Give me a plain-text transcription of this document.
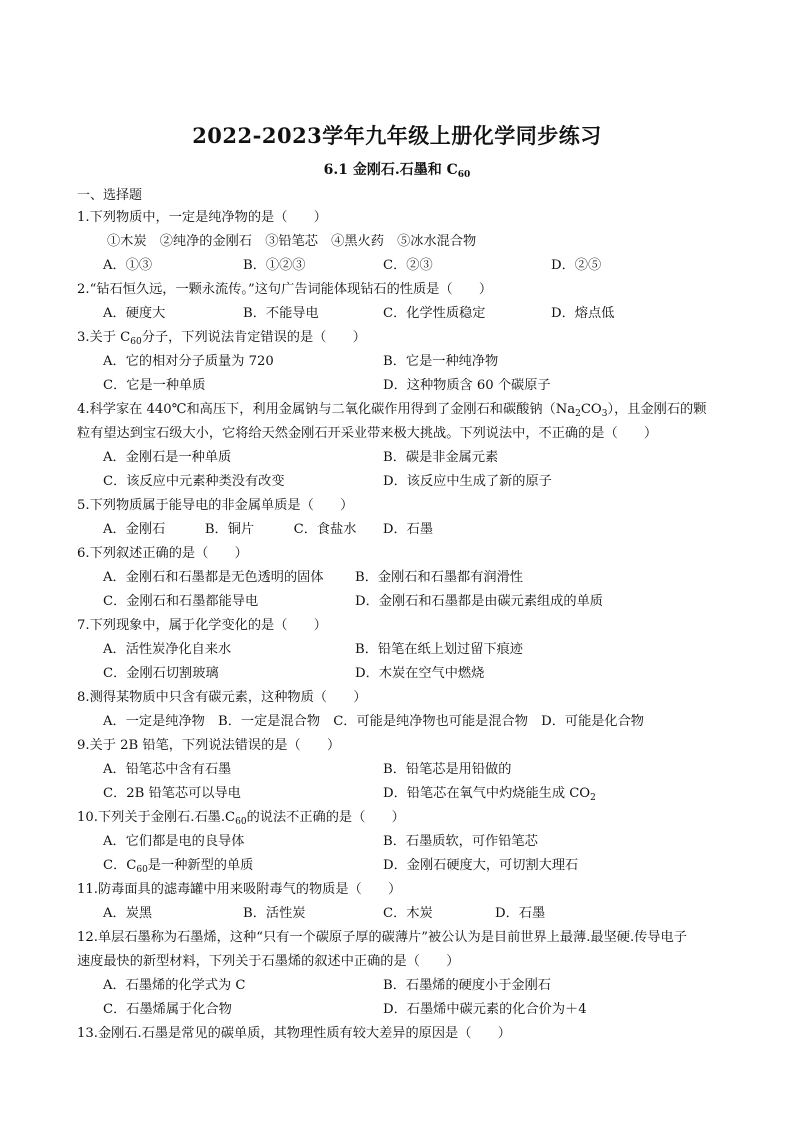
2022-2023学年九年级上册化学同步练习
6.1 金刚石.石墨和 $C_{60}$
一、选择题
1.下列物质中，一定是纯净物的是（　　）
①木炭　②纯净的金刚石　③铅笔芯　④黑火药　⑤冰水混合物
A．①③	B．①②③	C．②③	D．②⑤
2.“钻石恒久远，一颗永流传。”这句广告词能体现钻石的性质是（　　）
A．硬度大	B．不能导电	C．化学性质稳定	D．熔点低
3.关于 $C_{60}$分子，下列说法肯定错误的是（　　）
A．它的相对分子质量为 720	B．它是一种纯净物
C．它是一种单质	D．这种物质含 60 个碳原子
4.科学家在 440℃和高压下，利用金属钠与二氧化碳作用得到了金刚石和碳酸钠$(Na_2CO_3)$，且金刚石的颗
粒有望达到宝石级大小，它将给天然金刚石开采业带来极大挑战。下列说法中，不正确的是（　　）
A．金刚石是一种单质	B．碳是非金属元素
C．该反应中元素种类没有改变	D．该反应中生成了新的原子
5.下列物质属于能导电的非金属单质是（　　）
A．金刚石　　　B．铜片　　　C．食盐水　　D．石墨
6.下列叙述正确的是（　　）
A．金刚石和石墨都是无色透明的固体 B．金刚石和石墨都有润滑性
C．金刚石和石墨都能导电	D．金刚石和石墨都是由碳元素组成的单质
7.下列现象中，属于化学变化的是（　　）
A．活性炭净化自来水	B．铅笔在纸上划过留下痕迹
C．金刚石切割玻璃	D．木炭在空气中燃烧
8.测得某物质中只含有碳元素，这种物质（　　）
A．一定是纯净物　B．一定是混合物　C．可能是纯净物也可能是混合物　D．可能是化合物
9.关于 2B 铅笔，下列说法错误的是（　　）
A．铅笔芯中含有石墨	B．铅笔芯是用铅做的
C．2B 铅笔芯可以导电	D．铅笔芯在氧气中灼烧能生成 $CO_2$
10.下列关于金刚石.石墨$.C_{60}$的说法不正确的是（　　）
A．它们都是电的良导体	B．石墨质软，可作铅笔芯
C．$C_{60}$是一种新型的单质	D．金刚石硬度大，可切割大理石
11.防毒面具的滤毒罐中用来吸附毒气的物质是（　　）
A．炭黑	B．活性炭	C．木炭	D．石墨
12.单层石墨称为石墨烯，这种“只有一个碳原子厚的碳薄片”被公认为是目前世界上最薄.最坚硬.传导电子
速度最快的新型材料，下列关于石墨烯的叙述中正确的是（　　）
A．石墨烯的化学式为 C	B．石墨烯的硬度小于金刚石
C．石墨烯属于化合物	D．石墨烯中碳元素的化合价为＋4
13.金刚石.石墨是常见的碳单质，其物理性质有较大差异的原因是（　　）
